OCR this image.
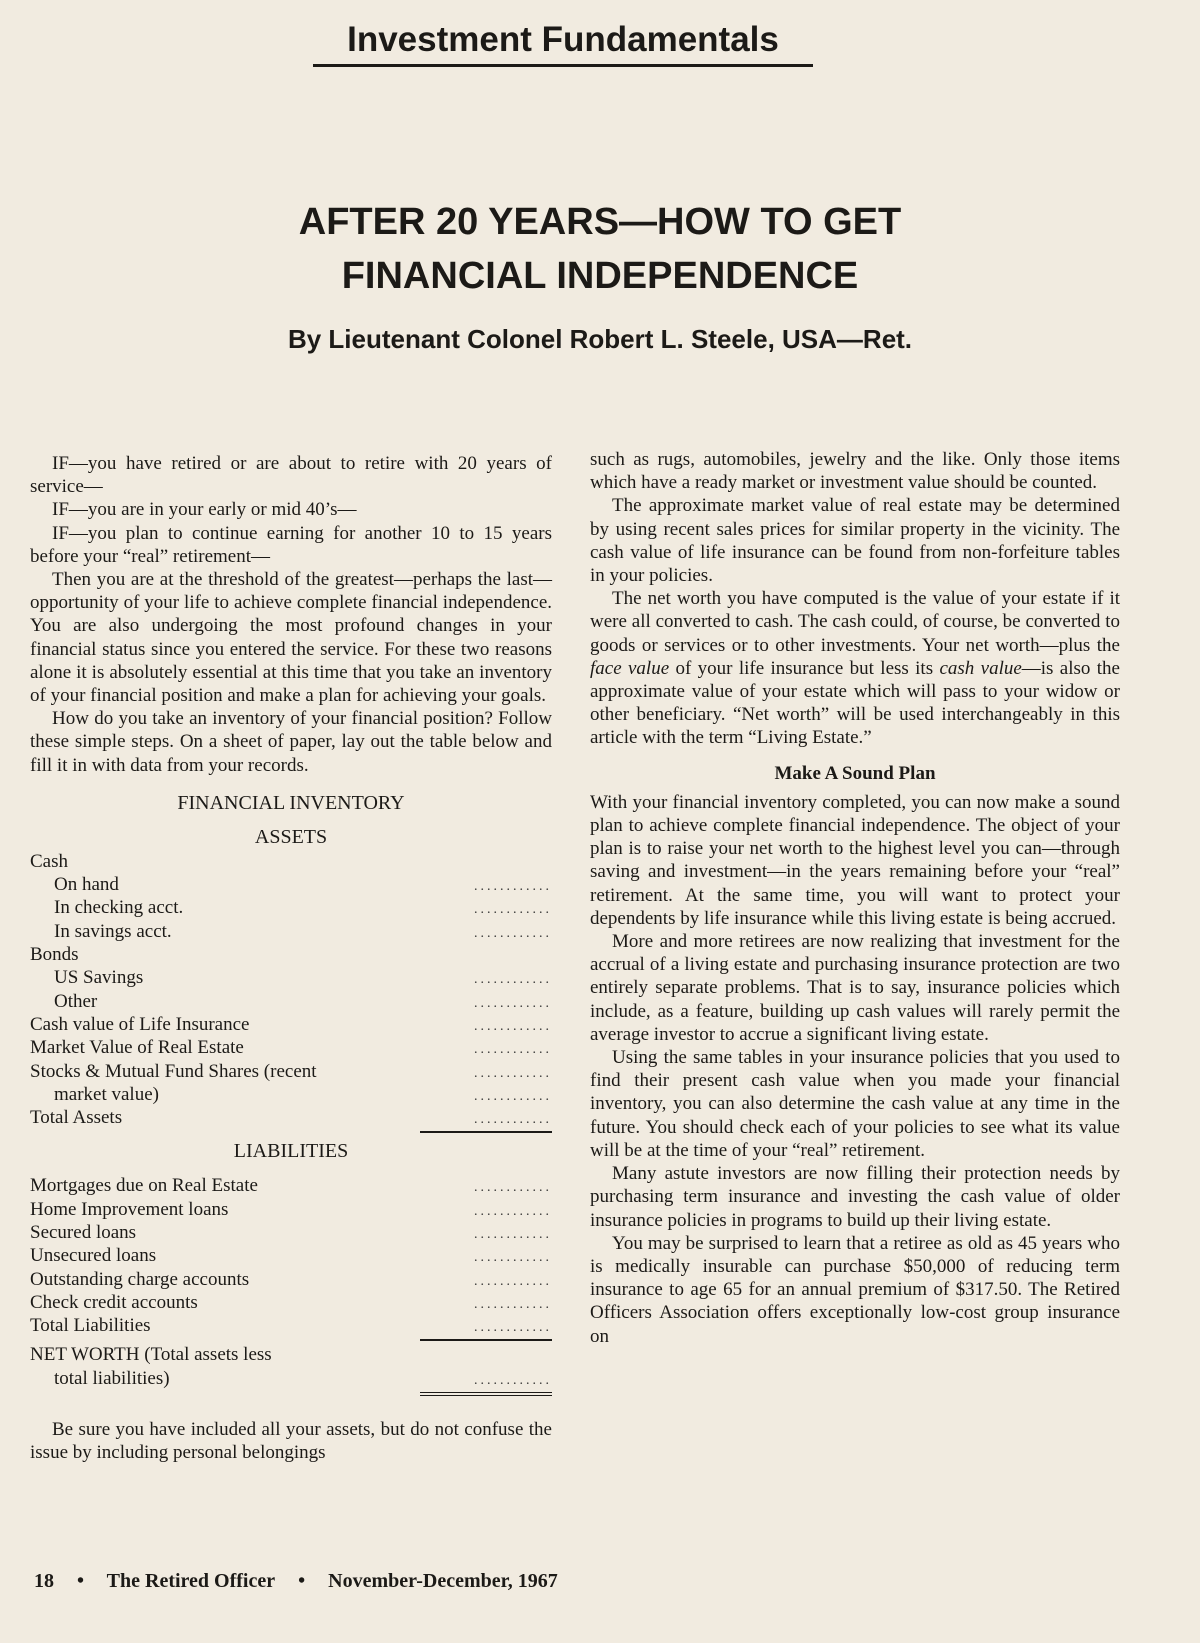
Investment Fundamentals
AFTER 20 YEARS—HOW TO GET
FINANCIAL INDEPENDENCE
By Lieutenant Colonel Robert L. Steele, USA—Ret.

IF—you have retired or are about to retire with 20 years of service—

IF—you are in your early or mid 40’s—

IF—you plan to continue earning for another 10 to 15 years before your “real” retirement—

Then you are at the threshold of the greatest—perhaps the last—opportunity of your life to achieve complete financial independence. You are also undergoing the most profound changes in your financial status since you entered the service. For these two reasons alone it is absolutely essential at this time that you take an inventory of your financial position and make a plan for achieving your goals.

How do you take an inventory of your financial position? Follow these simple steps. On a sheet of paper, lay out the table below and fill it in with data from your records.

FINANCIAL INVENTORY
ASSETS
Cash
On hand	............
In checking acct.	............
In savings acct.	............
Bonds
US Savings	............
Other	............
Cash value of Life Insurance	............
Market Value of Real Estate	............
Stocks & Mutual Fund Shares (recent	............
market value)	............
Total Assets	............
LIABILITIES
Mortgages due on Real Estate	............
Home Improvement loans	............
Secured loans	............
Unsecured loans	............
Outstanding charge accounts	............
Check credit accounts	............
Total Liabilities	............
NET WORTH (Total assets less
total liabilities)	............

Be sure you have included all your assets, but do not confuse the issue by including personal belongings

such as rugs, automobiles, jewelry and the like. Only those items which have a ready market or investment value should be counted.

The approximate market value of real estate may be determined by using recent sales prices for similar property in the vicinity. The cash value of life insurance can be found from non-forfeiture tables in your policies.

The net worth you have computed is the value of your estate if it were all converted to cash. The cash could, of course, be converted to goods or services or to other investments. Your net worth—plus the face value of your life insurance but less its cash value—is also the approximate value of your estate which will pass to your widow or other beneficiary. “Net worth” will be used interchangeably in this article with the term “Living Estate.”

Make A Sound Plan

With your financial inventory completed, you can now make a sound plan to achieve complete financial independence. The object of your plan is to raise your net worth to the highest level you can—through saving and investment—in the years remaining before your “real” retirement. At the same time, you will want to protect your dependents by life insurance while this living estate is being accrued.

More and more retirees are now realizing that investment for the accrual of a living estate and purchasing insurance protection are two entirely separate problems. That is to say, insurance policies which include, as a feature, building up cash values will rarely permit the average investor to accrue a significant living estate.

Using the same tables in your insurance policies that you used to find their present cash value when you made your financial inventory, you can also determine the cash value at any time in the future. You should check each of your policies to see what its value will be at the time of your “real” retirement.

Many astute investors are now filling their protection needs by purchasing term insurance and investing the cash value of older insurance policies in programs to build up their living estate.

You may be surprised to learn that a retiree as old as 45 years who is medically insurable can purchase $50,000 of reducing term insurance to age 65 for an annual premium of $317.50. The Retired Officers Association offers exceptionally low-cost group insurance on

18 • The Retired Officer • November-December, 1967
